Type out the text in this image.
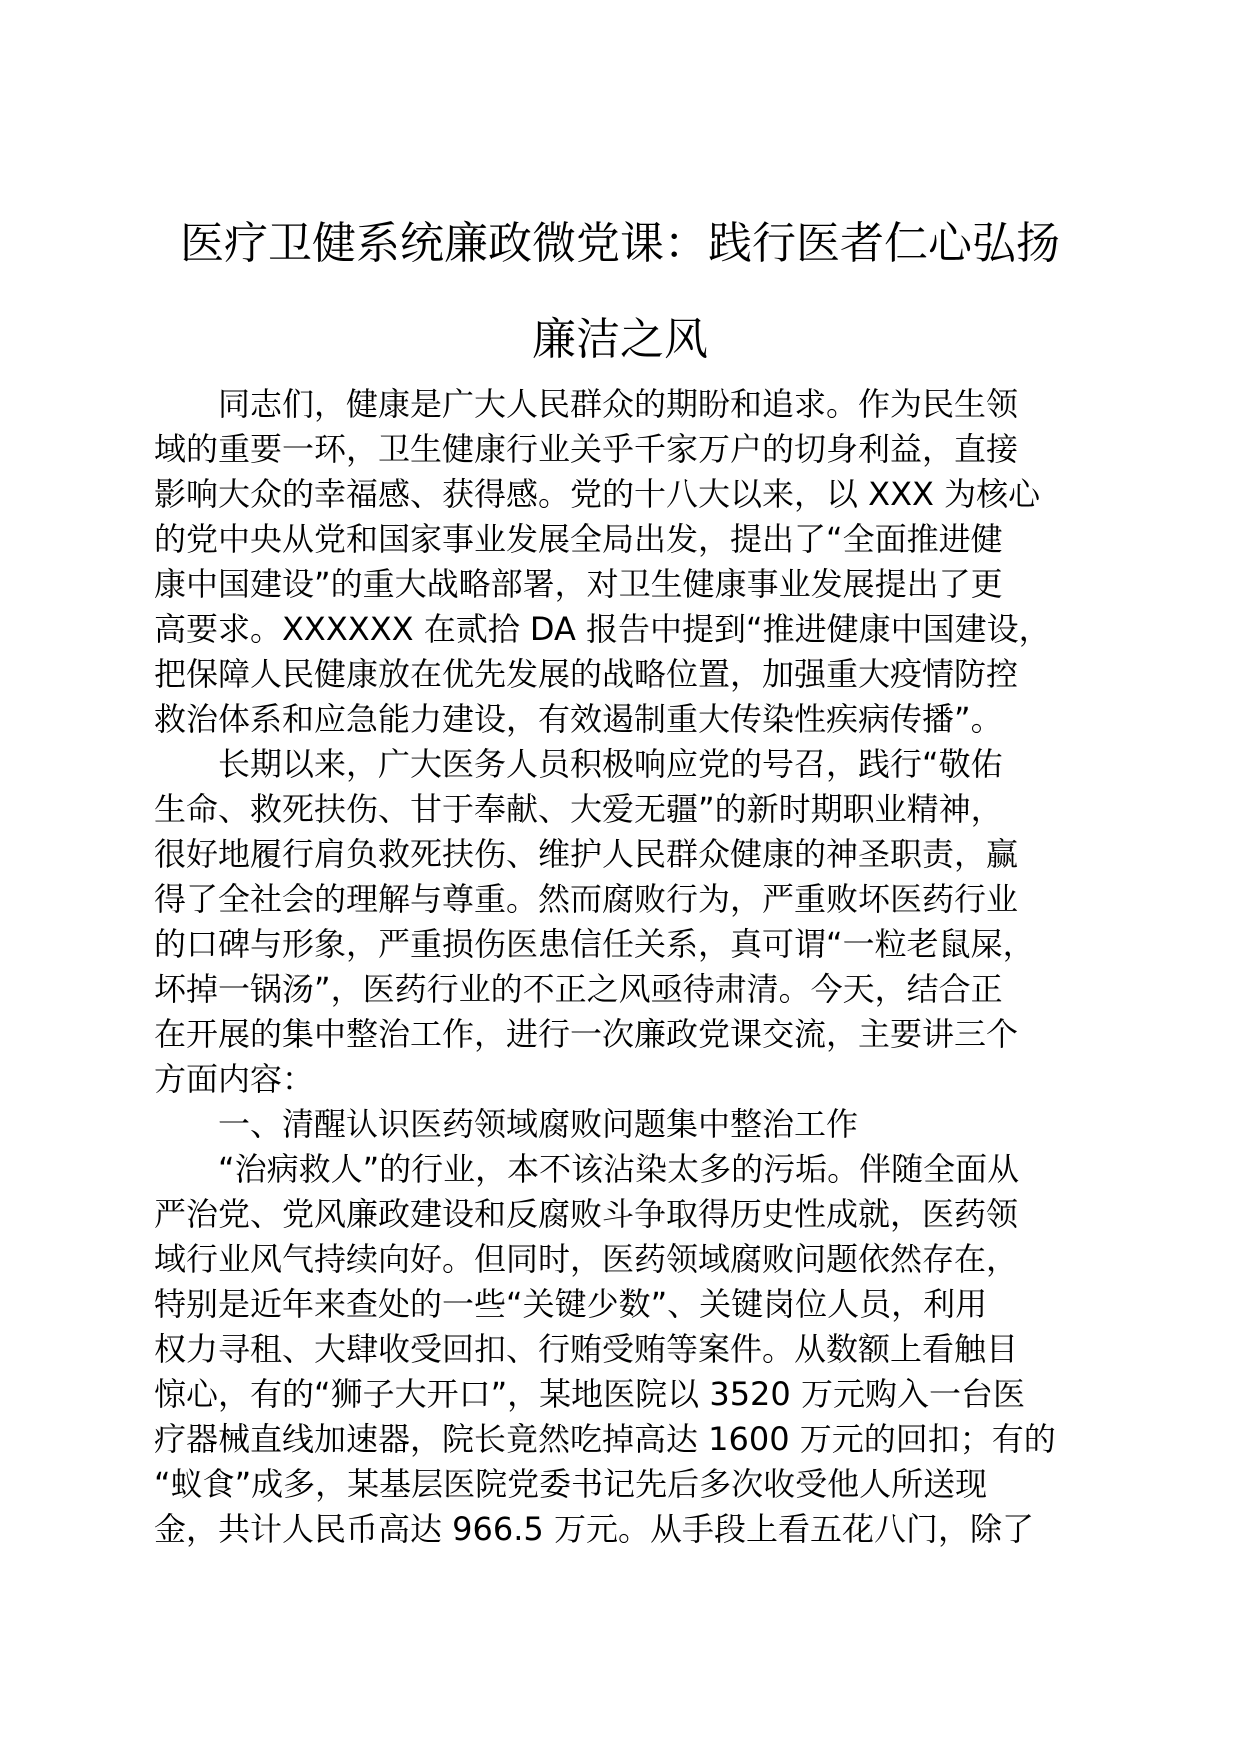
医疗卫健系统廉政微党课：践行医者仁心弘扬
廉洁之风
同志们，健康是广大人民群众的期盼和追求。作为民生领
域的重要一环，卫生健康行业关乎千家万户的切身利益，直接
影响大众的幸福感、获得感。党的十八大以来，以 XXX 为核心
的党中央从党和国家事业发展全局出发，提出了“全面推进健
康中国建设”的重大战略部署，对卫生健康事业发展提出了更
高要求。XXXXXX 在贰拾 DA 报告中提到“推进健康中国建设，
把保障人民健康放在优先发展的战略位置，加强重大疫情防控
救治体系和应急能力建设，有效遏制重大传染性疾病传播”。
长期以来，广大医务人员积极响应党的号召，践行“敬佑
生命、救死扶伤、甘于奉献、大爱无疆”的新时期职业精神，
很好地履行肩负救死扶伤、维护人民群众健康的神圣职责，赢
得了全社会的理解与尊重。然而腐败行为，严重败坏医药行业
的口碑与形象，严重损伤医患信任关系，真可谓“一粒老鼠屎，
坏掉一锅汤”，医药行业的不正之风亟待肃清。今天，结合正
在开展的集中整治工作，进行一次廉政党课交流，主要讲三个
方面内容：
一、清醒认识医药领域腐败问题集中整治工作
“治病救人”的行业，本不该沾染太多的污垢。伴随全面从
严治党、党风廉政建设和反腐败斗争取得历史性成就，医药领
域行业风气持续向好。但同时，医药领域腐败问题依然存在，
特别是近年来查处的一些“关键少数”、关键岗位人员，利用
权力寻租、大肆收受回扣、行贿受贿等案件。从数额上看触目
惊心，有的“狮子大开口”，某地医院以 3520 万元购入一台医
疗器械直线加速器，院长竟然吃掉高达 1600 万元的回扣；有的
“蚁食”成多，某基层医院党委书记先后多次收受他人所送现
金，共计人民币高达 966.5 万元。从手段上看五花八门，除了
